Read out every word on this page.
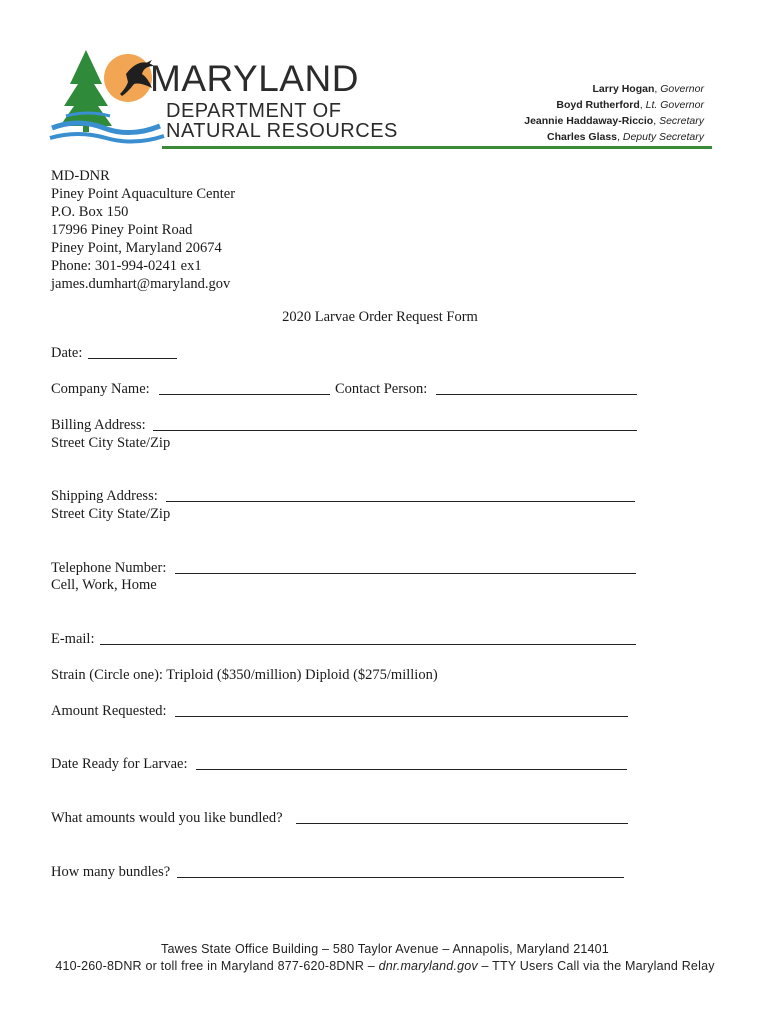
MARYLAND
DEPARTMENT OF
NATURAL RESOURCES
Larry Hogan, Governor
Boyd Rutherford, Lt. Governor
Jeannie Haddaway-Riccio, Secretary
Charles Glass, Deputy Secretary
MD-DNR
Piney Point Aquaculture Center
P.O. Box 150
17996 Piney Point Road
Piney Point, Maryland 20674
Phone: 301-994-0241 ex1
james.dumhart@maryland.gov
2020 Larvae Order Request Form
Date:
Company Name:	Contact Person:
Billing Address:
Street City State/Zip
Shipping Address:
Street City State/Zip
Telephone Number:
Cell, Work, Home
E-mail:
Strain (Circle one): Triploid ($350/million) Diploid ($275/million)
Amount Requested:
Date Ready for Larvae:
What amounts would you like bundled?
How many bundles?
Tawes State Office Building – 580 Taylor Avenue – Annapolis, Maryland 21401
410-260-8DNR or toll free in Maryland 877-620-8DNR – dnr.maryland.gov – TTY Users Call via the Maryland Relay
